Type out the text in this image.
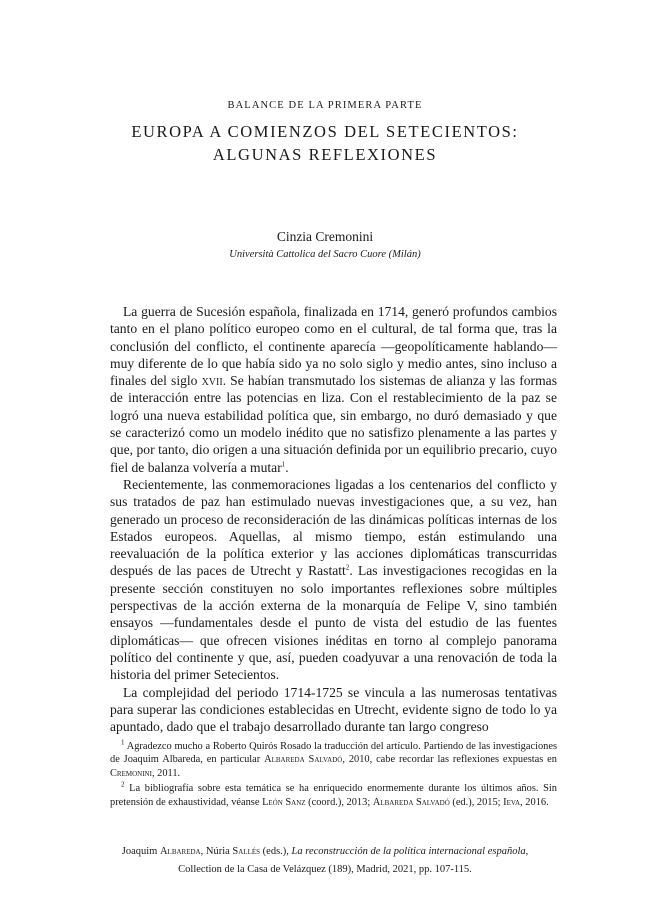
BALANCE DE LA PRIMERA PARTE
EUROPA A COMIENZOS DEL SETECIENTOS:
ALGUNAS REFLEXIONES
Cinzia Cremonini
Università Cattolica del Sacro Cuore (Milán)

La guerra de Sucesión española, finalizada en 1714, generó profundos cambios tanto en el plano político europeo como en el cultural, de tal forma que, tras la conclusión del conflicto, el continente aparecía —geopolíticamente hablando— muy diferente de lo que había sido ya no solo siglo y medio antes, sino incluso a finales del siglo xvii. Se habían transmutado los sistemas de alianza y las formas de interacción entre las potencias en liza. Con el restablecimiento de la paz se logró una nueva estabilidad política que, sin embargo, no duró demasiado y que se caracterizó como un modelo inédito que no satisfizo plenamente a las partes y que, por tanto, dio origen a una situación definida por un equilibrio precario, cuyo fiel de balanza volvería a mutar$^1$.

Recientemente, las conmemoraciones ligadas a los centenarios del conflicto y sus tratados de paz han estimulado nuevas investigaciones que, a su vez, han generado un proceso de reconsideración de las dinámicas políticas internas de los Estados europeos. Aquellas, al mismo tiempo, están estimulando una reevaluación de la política exterior y las acciones diplomáticas transcurridas después de las paces de Utrecht y Rastatt$^2$. Las investigaciones recogidas en la presente sección constituyen no solo importantes reflexiones sobre múltiples perspectivas de la acción externa de la monarquía de Felipe V, sino también ensayos —fundamentales desde el punto de vista del estudio de las fuentes diplomáticas— que ofrecen visiones inéditas en torno al complejo panorama político del continente y que, así, pueden coadyuvar a una renovación de toda la historia del primer Setecientos.

La complejidad del periodo 1714-1725 se vincula a las numerosas tentativas para superar las condiciones establecidas en Utrecht, evidente signo de todo lo ya apuntado, dado que el trabajo desarrollado durante tan largo congreso

$^1$ Agradezco mucho a Roberto Quirós Rosado la traducción del artículo. Partiendo de las investigaciones de Joaquim Albareda, en particular Albareda Salvadó, 2010, cabe recordar las reflexiones expuestas en Cremonini, 2011.

$^2$ La bibliografía sobre esta temática se ha enriquecido enormemente durante los últimos años. Sin pretensión de exhaustividad, véanse León Sanz (coord.), 2013; Albareda Salvadó (ed.), 2015; Ieva, 2016.

Joaquim Albareda, Núria Sallés (eds.), La reconstrucción de la política internacional española,
Collection de la Casa de Velázquez (189), Madrid, 2021, pp. 107-115.
